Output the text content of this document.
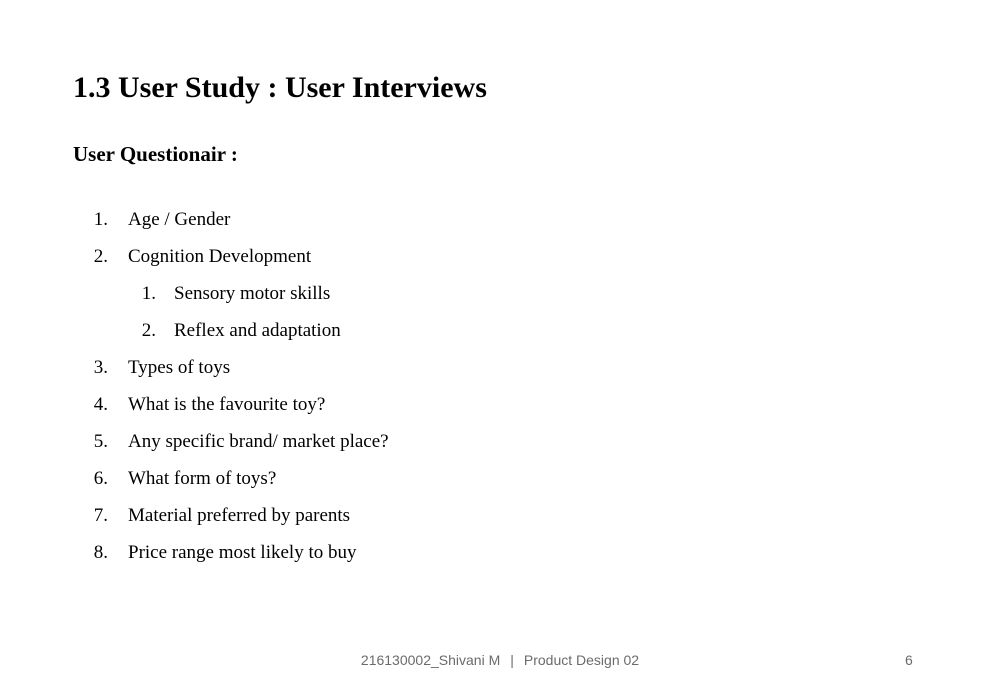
1.3 User Study : User Interviews
User Questionair :
1. Age / Gender
2. Cognition Development
1. Sensory motor skills
2. Reflex and adaptation
3. Types of toys
4. What is the favourite toy?
5. Any specific brand/ market place?
6. What form of toys?
7. Material preferred by parents
8. Price range most likely to buy
216130002_Shivani M | Product Design 02	6
